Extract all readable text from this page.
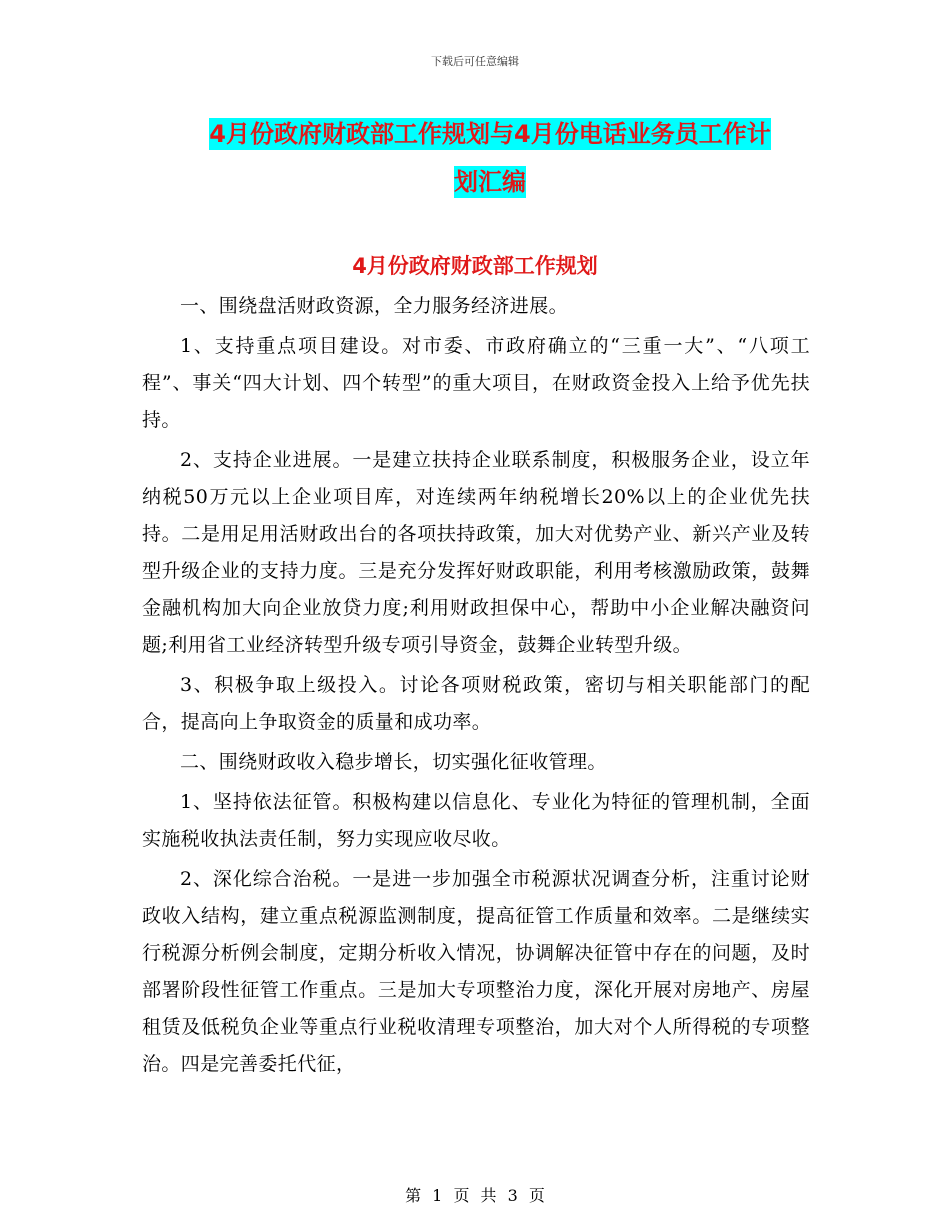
下载后可任意编辑
4月份政府财政部工作规划与4月份电话业务员工作计
划汇编
4月份政府财政部工作规划

一、围绕盘活财政资源，全力服务经济进展。

1、支持重点项目建设。对市委、市政府确立的“三重一大”、“八项工程”、事关“四大计划、四个转型”的重大项目，在财政资金投入上给予优先扶持。

2、支持企业进展。一是建立扶持企业联系制度，积极服务企业，设立年纳税50万元以上企业项目库，对连续两年纳税增长20%以上的企业优先扶持。二是用足用活财政出台的各项扶持政策，加大对优势产业、新兴产业及转型升级企业的支持力度。三是充分发挥好财政职能，利用考核激励政策，鼓舞金融机构加大向企业放贷力度;利用财政担保中心，帮助中小企业解决融资问题;利用省工业经济转型升级专项引导资金，鼓舞企业转型升级。

3、积极争取上级投入。讨论各项财税政策，密切与相关职能部门的配合，提高向上争取资金的质量和成功率。

二、围绕财政收入稳步增长，切实强化征收管理。

1、坚持依法征管。积极构建以信息化、专业化为特征的管理机制，全面实施税收执法责任制，努力实现应收尽收。

2、深化综合治税。一是进一步加强全市税源状况调查分析，注重讨论财政收入结构，建立重点税源监测制度，提高征管工作质量和效率。二是继续实行税源分析例会制度，定期分析收入情况，协调解决征管中存在的问题，及时部署阶段性征管工作重点。三是加大专项整治力度，深化开展对房地产、房屋租赁及低税负企业等重点行业税收清理专项整治，加大对个人所得税的专项整治。四是完善委托代征，

第 1 页 共 3 页
